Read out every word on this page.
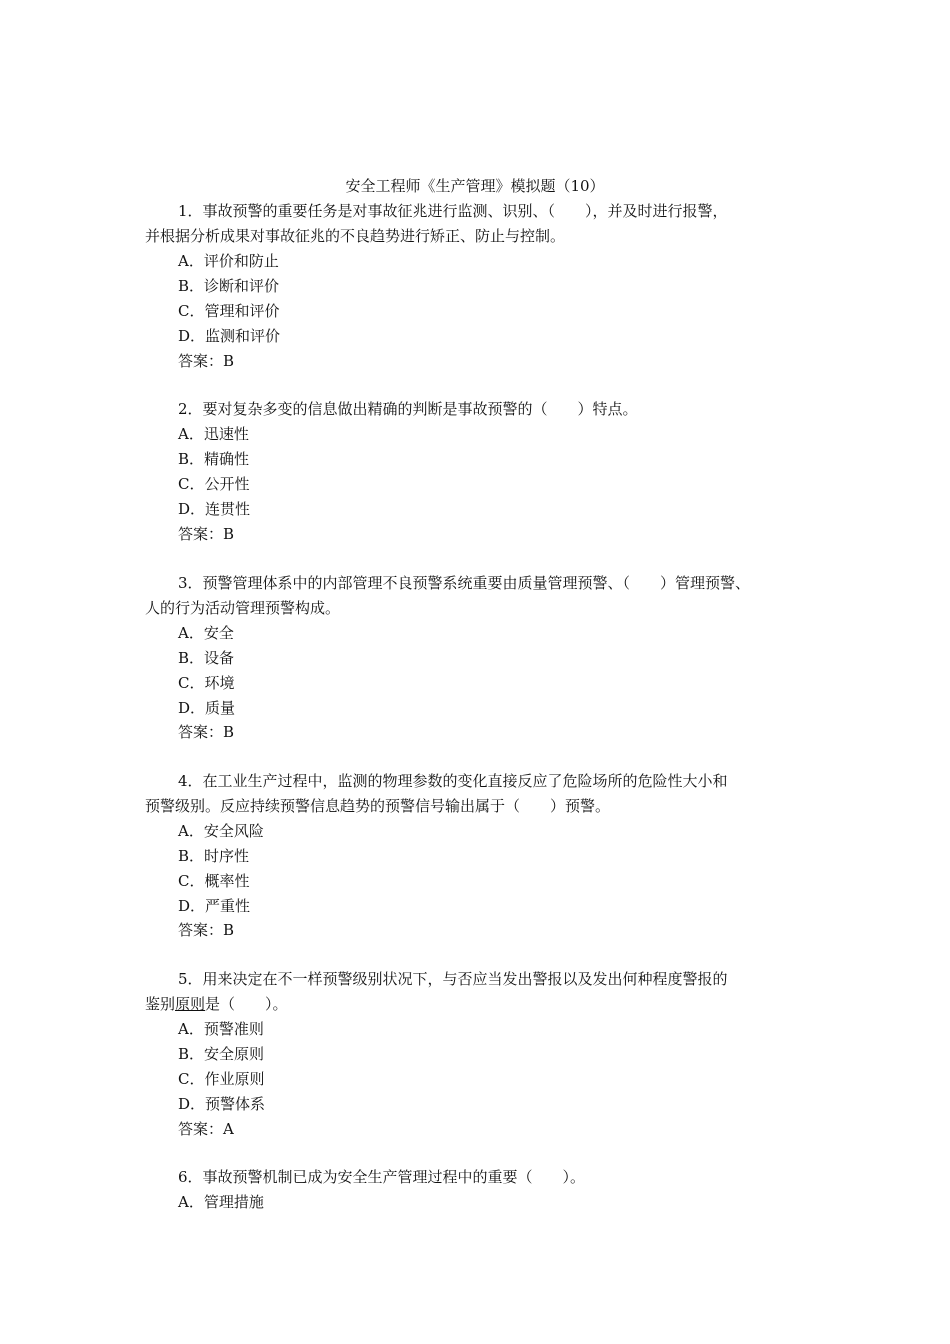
安全工程师《生产管理》模拟题（10）
1．事故预警的重要任务是对事故征兆进行监测、识别、（　　），并及时进行报警，
并根据分析成果对事故征兆的不良趋势进行矫正、防止与控制。
A．评价和防止
B．诊断和评价
C．管理和评价
D．监测和评价
答案：B
2．要对复杂多变的信息做出精确的判断是事故预警的（　　）特点。
A．迅速性
B．精确性
C．公开性
D．连贯性
答案：B
3．预警管理体系中的内部管理不良预警系统重要由质量管理预警、（　　）管理预警、
人的行为活动管理预警构成。
A．安全
B．设备
C．环境
D．质量
答案：B
4．在工业生产过程中，监测的物理参数的变化直接反应了危险场所的危险性大小和
预警级别。反应持续预警信息趋势的预警信号输出属于（　　）预警。
A．安全风险
B．时序性
C．概率性
D．严重性
答案：B
5．用来决定在不一样预警级别状况下，与否应当发出警报以及发出何种程度警报的
鉴别原则是（　　）。
A．预警准则
B．安全原则
C．作业原则
D．预警体系
答案：A
6．事故预警机制已成为安全生产管理过程中的重要（　　）。
A．管理措施
